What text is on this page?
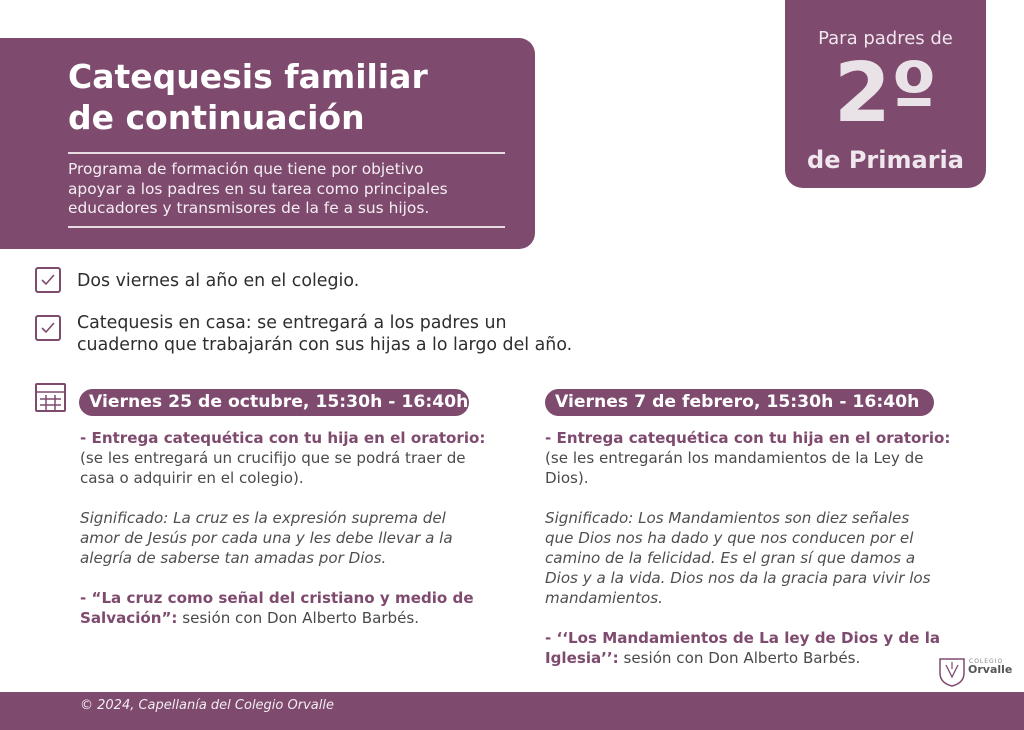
Catequesis familiar
de continuación
Programa de formación que tiene por objetivo
apoyar a los padres en su tarea como principales
educadores y transmisores de la fe a sus hijos.
Para padres de
2º
de Primaria
Dos viernes al año en el colegio.
Catequesis en casa: se entregará a los padres un
cuaderno que trabajarán con sus hijas a lo largo del año.
Viernes 25 de octubre, 15:30h - 16:40h	Viernes 7 de febrero, 15:30h - 16:40h
- Entrega catequética con tu hija en el oratorio:
(se les entregará un crucifijo que se podrá traer de
casa o adquirir en el colegio).
Significado: La cruz es la expresión suprema del
amor de Jesús por cada una y les debe llevar a la
alegría de saberse tan amadas por Dios.
- “La cruz como señal del cristiano y medio de
Salvación”: sesión con Don Alberto Barbés.
- Entrega catequética con tu hija en el oratorio:
(se les entregarán los mandamientos de la Ley de
Dios).
Significado: Los Mandamientos son diez señales
que Dios nos ha dado y que nos conducen por el
camino de la felicidad. Es el gran sí que damos a
Dios y a la vida. Dios nos da la gracia para vivir los
mandamientos.
- ‘‘Los Mandamientos de La ley de Dios y de la
Iglesia’’: sesión con Don Alberto Barbés.	COLEGIO
Orvalle
© 2024, Capellanía del Colegio Orvalle
